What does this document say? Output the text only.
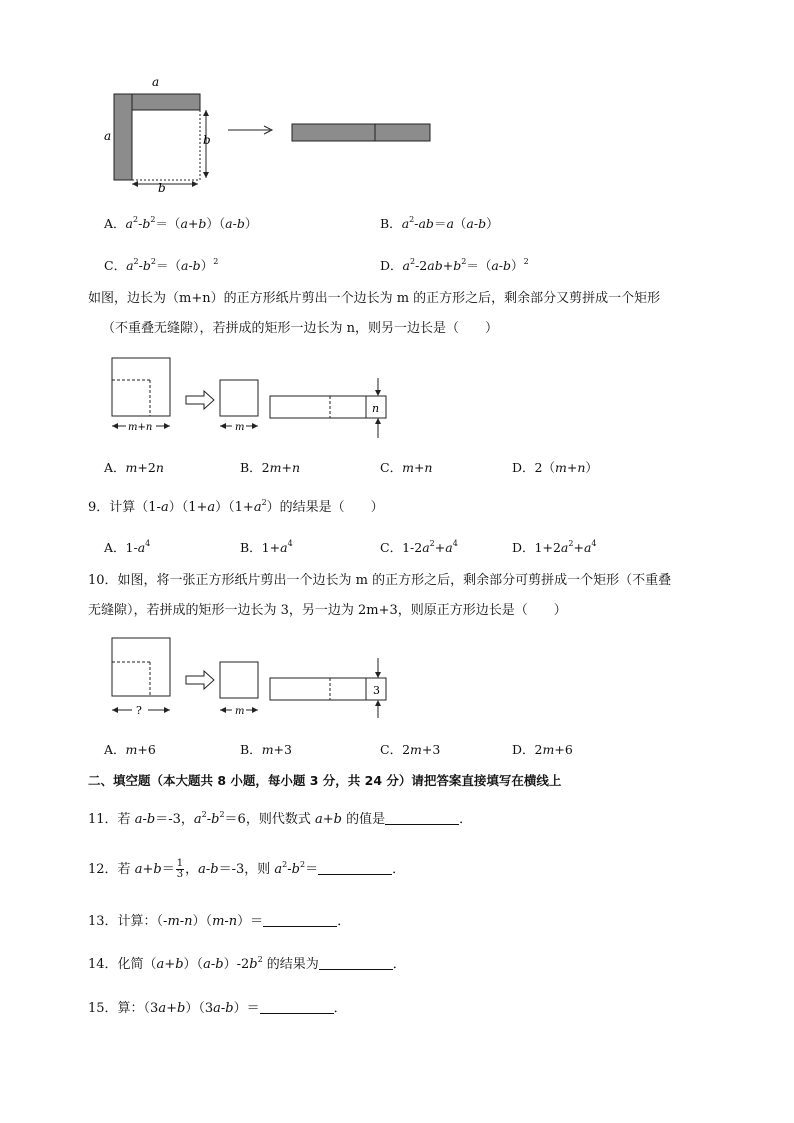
a
a	b
b
A．$a^2-b^2=(a+b)(a-b)$	B．$a^2-ab=a(a-b)$
C．$a^2-b^2=(a-b)^2$	D．$a^2-2ab+b^2=(a-b)^2$
如图，边长为（m+n）的正方形纸片剪出一个边长为 m 的正方形之后，剩余部分又剪拼成一个矩形
（不重叠无缝隙），若拼成的矩形一边长为 n，则另一边长是（　　）
m+n	m
n
A．m+2n	B．2m+n	C．m+n	D．2（m+n）
9．计算$(1-a)(1+a)(1+a^2)$的结果是（　　）
A．$1-a^4$	B．$1+a^4$	C．$1-2a^2+a^4$	D．$1+2a^2+a^4$
10．如图，将一张正方形纸片剪出一个边长为 m 的正方形之后，剩余部分可剪拼成一个矩形（不重叠
无缝隙），若拼成的矩形一边长为 3，另一边为 2m+3，则原正方形边长是（　　）
?	m
3
A．m+6	B．m+3	C．2m+3	D．2m+6
二、填空题（本大题共 8 小题，每小题 3 分，共 24 分）请把答案直接填写在横线上
11．若 a-b＝-3，$a^2-b^2=6$，则代数式 a+b 的值是	．
12．若 $a+b= \frac{1}{3}$ ，a-b＝-3，则 $a^2-b^2=$	．
13．计算：（-m-n）（m-n）＝	．
14．化简$(a+b)(a-b)-2b^2$ 的结果为	．
15．算：（3a+b）（3a-b）＝	．
